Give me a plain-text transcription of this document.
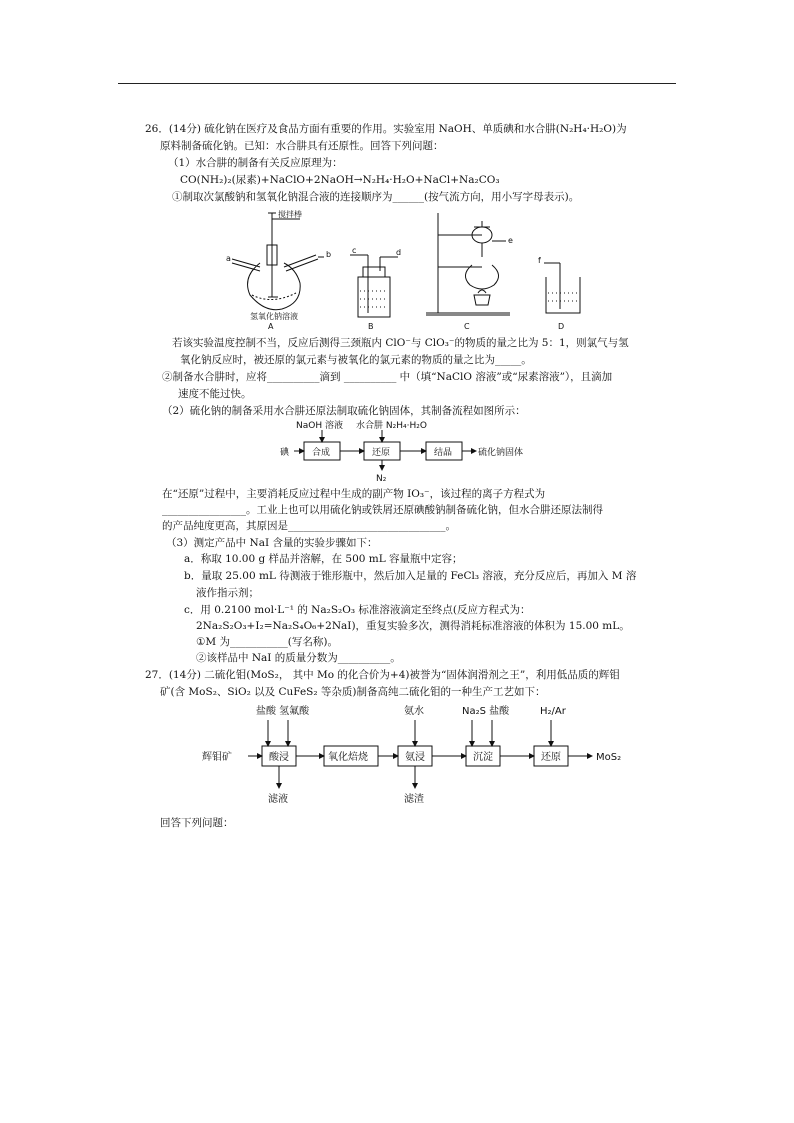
26．(14分) 硫化钠在医疗及食品方面有重要的作用。实验室用 NaOH、单质碘和水合肼(N₂H₄·H₂O)为
原料制备硫化钠。已知：水合肼具有还原性。回答下列问题：
（1）水合肼的制备有关反应原理为：
CO(NH₂)₂(尿素)+NaClO+2NaOH→N₂H₄·H₂O+NaCl+Na₂CO₃
①制取次氯酸钠和氢氧化钠混合液的连接顺序为______(按气流方向，用小写字母表示)。
搅拌棒
a	b
氢氧化钠溶液
A
c	d
B
e
C
f
D
若该实验温度控制不当，反应后测得三颈瓶内 ClO⁻与 ClO₃⁻的物质的量之比为 5：1，则氯气与氢
氧化钠反应时，被还原的氯元素与被氧化的氯元素的物质的量之比为_____。
②制备水合肼时，应将__________滴到 __________ 中（填“NaClO 溶液”或“尿素溶液”），且滴加
速度不能过快。
（2）硫化钠的制备采用水合肼还原法制取硫化钠固体，其制备流程如图所示：
NaOH 溶液 水合肼 N₂H₄·H₂O
碘	合成	还原	结晶	硫化钠固体
N₂
在“还原”过程中，主要消耗反应过程中生成的副产物 IO₃⁻，该过程的离子方程式为
________________。工业上也可以用硫化钠或铁屑还原碘酸钠制备硫化钠，但水合肼还原法制得
的产品纯度更高，其原因是______________________________。
（3）测定产品中 NaI 含量的实验步骤如下：
a．称取 10.00 g 样品并溶解，在 500 mL 容量瓶中定容；
b．量取 25.00 mL 待测液于锥形瓶中，然后加入足量的 FeCl₃ 溶液，充分反应后，再加入 M 溶
液作指示剂；
c．用 0.2100 mol·L⁻¹ 的 Na₂S₂O₃ 标准溶液滴定至终点(反应方程式为：
2Na₂S₂O₃+I₂=Na₂S₄O₆+2NaI)，重复实验多次，测得消耗标准溶液的体积为 15.00 mL。
①M 为___________(写名称)。
②该样品中 NaI 的质量分数为__________。
27．(14分) 二硫化钼(MoS₂， 其中 Mo 的化合价为+4)被誉为“固体润滑剂之王”，利用低品质的辉钼
矿(含 MoS₂、SiO₂ 以及 CuFeS₂ 等杂质)制备高纯二硫化钼的一种生产工艺如下：
盐酸 氢氟酸	氨水	Na₂S 盐酸	H₂/Ar
辉钼矿	酸浸	氧化焙烧	氨浸	沉淀	还原	MoS₂
滤液	滤渣
回答下列问题：
